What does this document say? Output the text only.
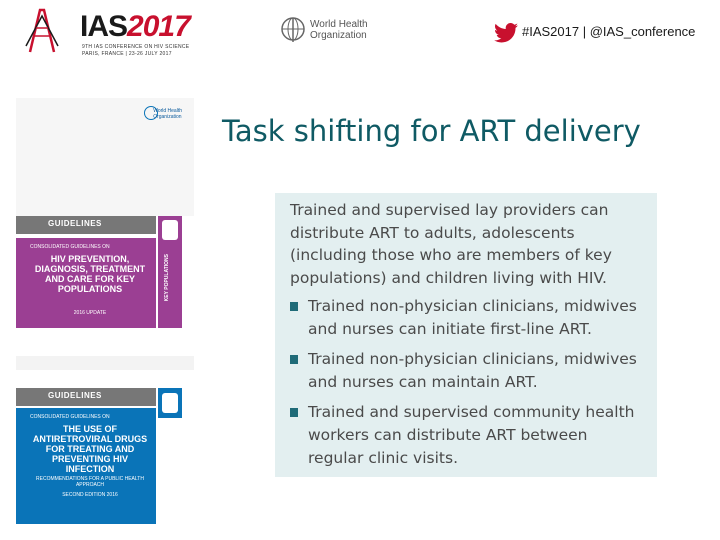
IAS2017
9TH IAS CONFERENCE ON HIV SCIENCE
PARIS, FRANCE | 23-26 JULY 2017
World Health
Organization	#IAS2017 | @IAS_conference
World Health
Organization
GUIDELINES
CONSOLIDATED GUIDELINES ON
HIV PREVENTION, DIAGNOSIS, TREATMENT AND CARE FOR KEY POPULATIONS
2016 UPDATE
KEY POPULATIONS
GUIDELINES
CONSOLIDATED GUIDELINES ON
THE USE OF ANTIRETROVIRAL DRUGS FOR TREATING AND PREVENTING HIV INFECTION
RECOMMENDATIONS FOR A PUBLIC HEALTH APPROACH
SECOND EDITION 2016
Task shifting for ART delivery

Trained and supervised lay providers can distribute ART to adults, adolescents (including those who are members of key populations) and children living with HIV.

Trained non-physician clinicians, midwives and nurses can initiate first-line ART.
Trained non-physician clinicians, midwives and nurses can maintain ART.
Trained and supervised community health workers can distribute ART between regular clinic visits.
